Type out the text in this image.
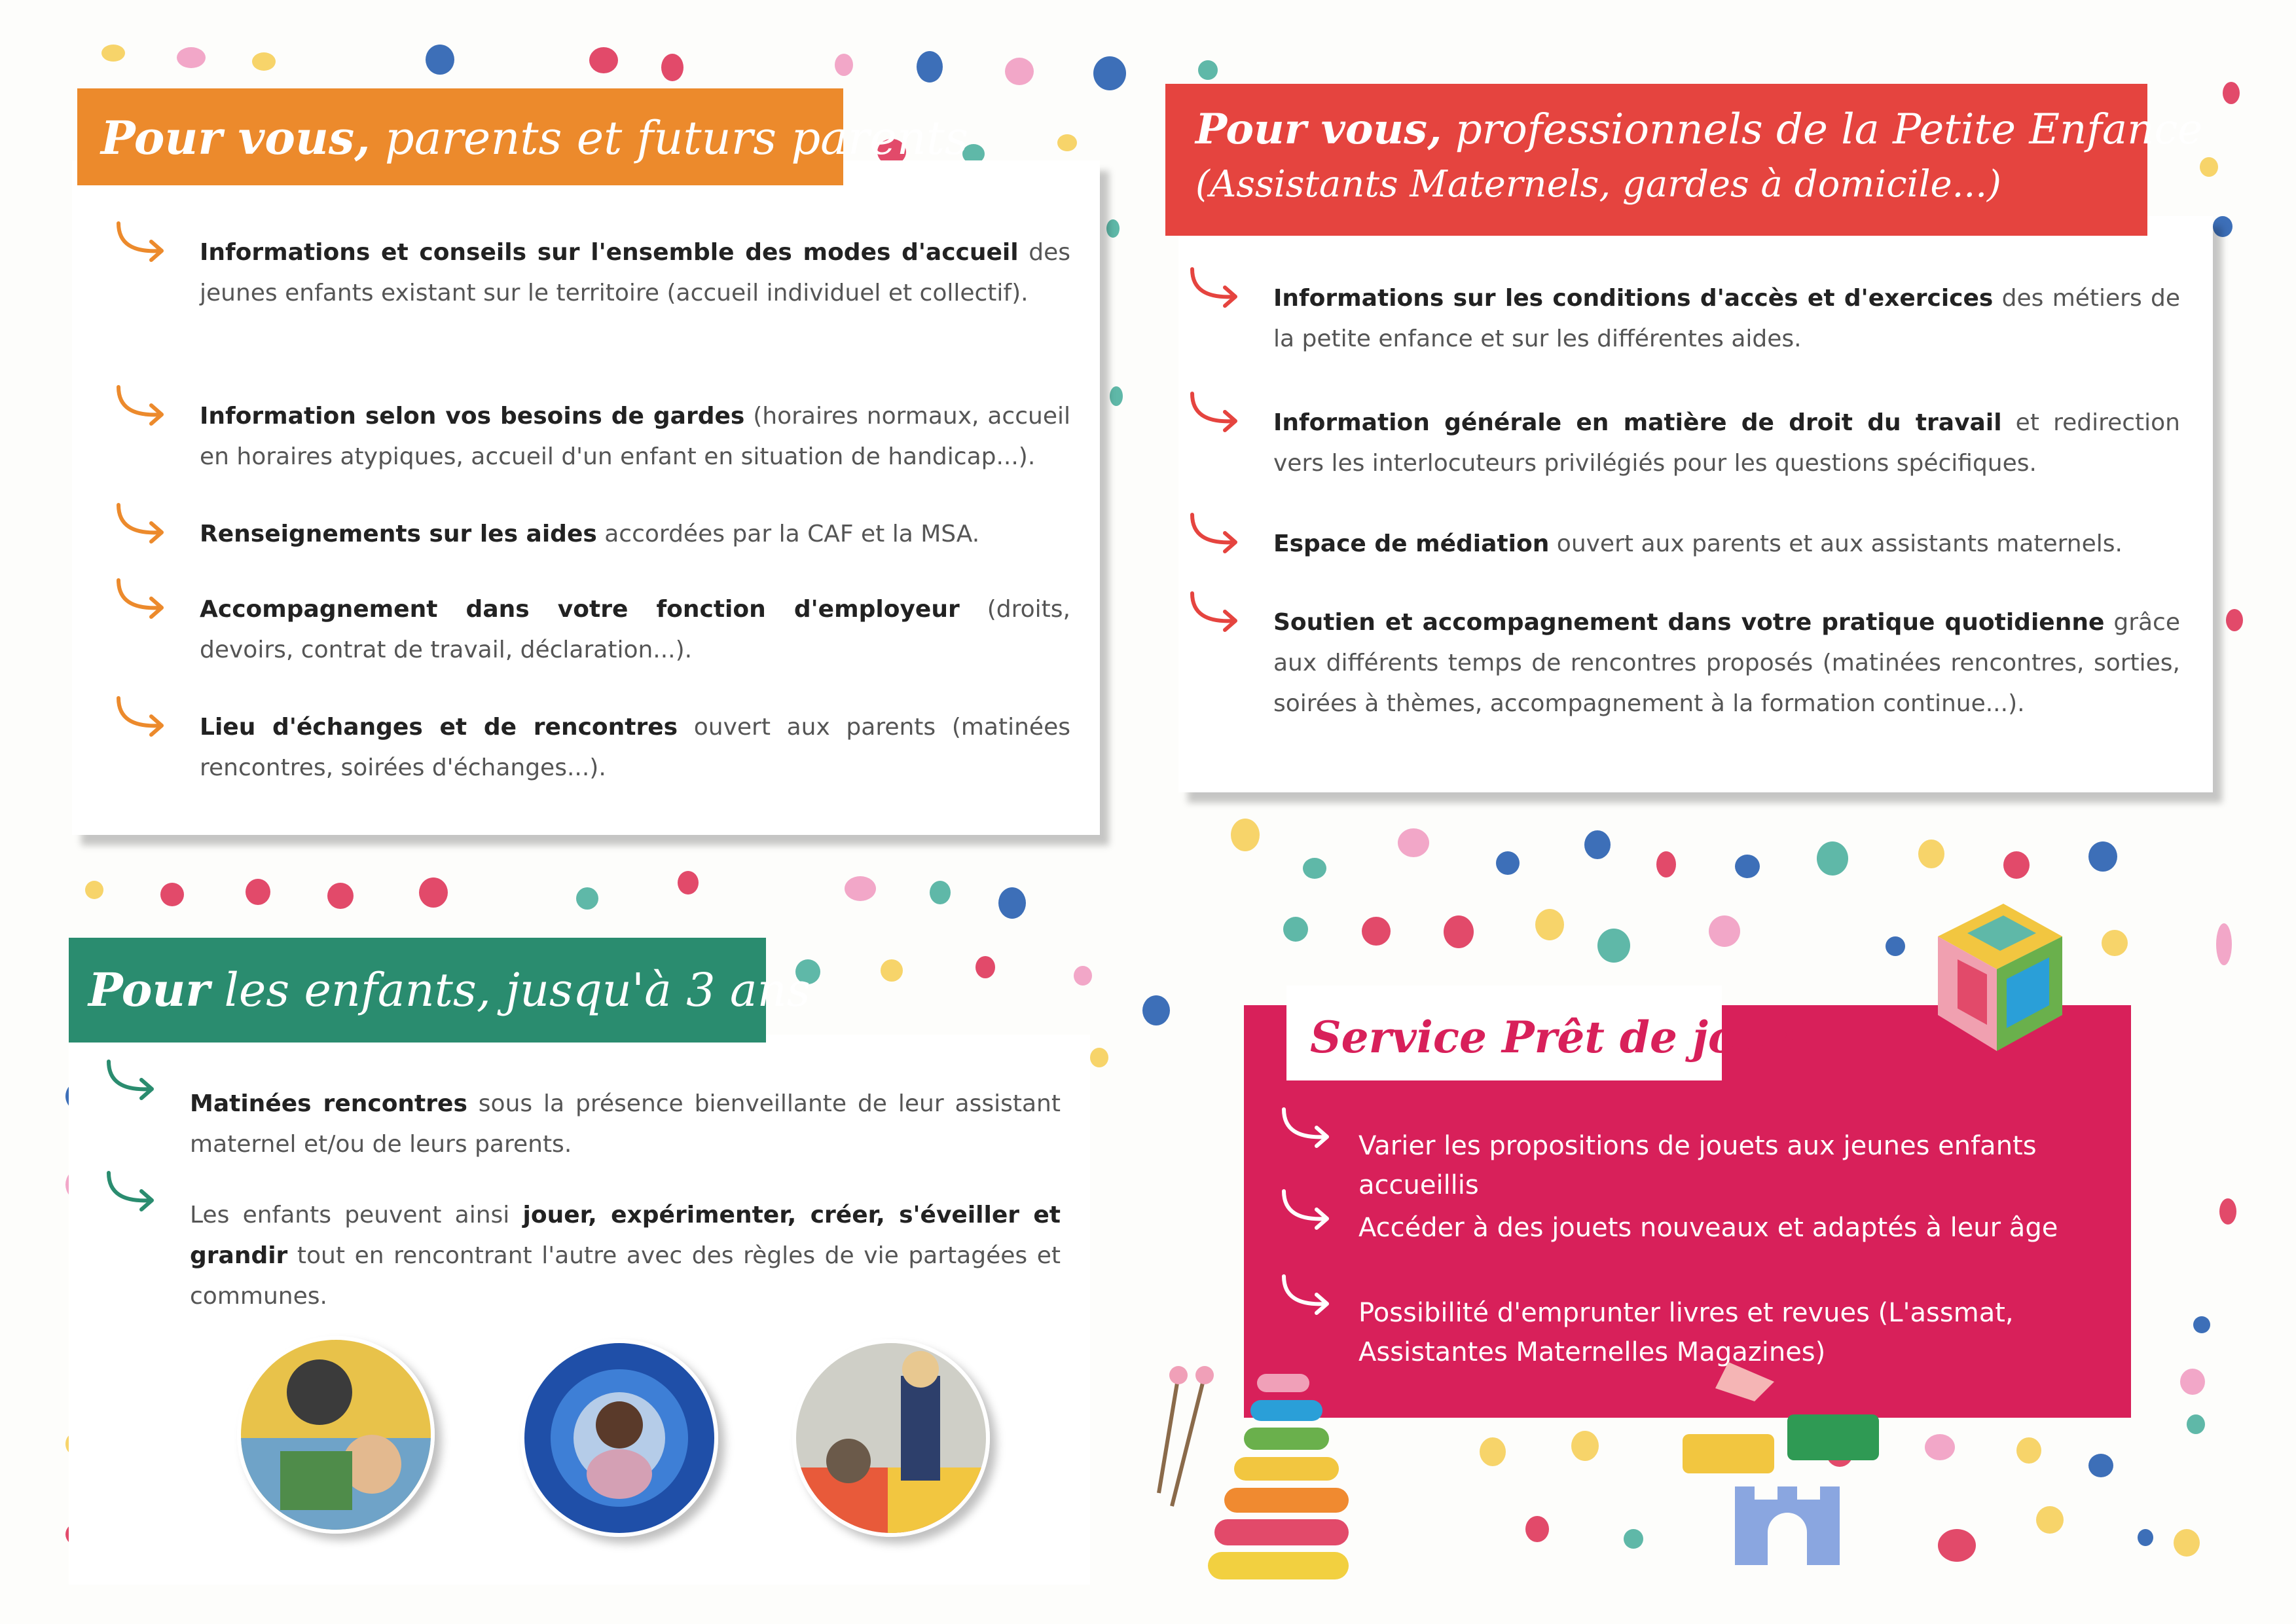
Pour vous, parents et futurs parents
Informations et conseils sur l'ensemble des modes d'accueil des jeunes enfants existant sur le territoire (accueil individuel et collectif).
Information selon vos besoins de gardes (horaires normaux, accueil en horaires atypiques, accueil d'un enfant en situation de handicap...).
Renseignements sur les aides accordées par la CAF et la MSA.
Accompagnement dans votre fonction d'employeur (droits, devoirs, contrat de travail, déclaration...).
Lieu d'échanges et de rencontres ouvert aux parents (matinées rencontres, soirées d'échanges...).
Pour vous, professionnels de la Petite Enfance
(Assistants Maternels, gardes à domicile...)
Informations sur les conditions d'accès et d'exercices des métiers de la petite enfance et sur les différentes aides.
Information générale en matière de droit du travail et redirection vers les interlocuteurs privilégiés pour les questions spécifiques.
Espace de médiation ouvert aux parents et aux assistants maternels.
Soutien et accompagnement dans votre pratique quotidienne grâce aux différents temps de rencontres proposés (matinées rencontres, sorties, soirées à thèmes, accompagnement à la formation continue...).
Pour les enfants, jusqu'à 3 ans
Matinées rencontres sous la présence bienveillante de leur assistant maternel et/ou de leurs parents.
Les enfants peuvent ainsi jouer, expérimenter, créer, s'éveiller et grandir tout en rencontrant l'autre avec des règles de vie partagées et communes.
Service Prêt de jouet
Varier les propositions de jouets aux jeunes enfants accueillis
Accéder à des jouets nouveaux et adaptés à leur âge
Possibilité d'emprunter livres et revues (L'assmat, Assistantes Maternelles Magazines)
